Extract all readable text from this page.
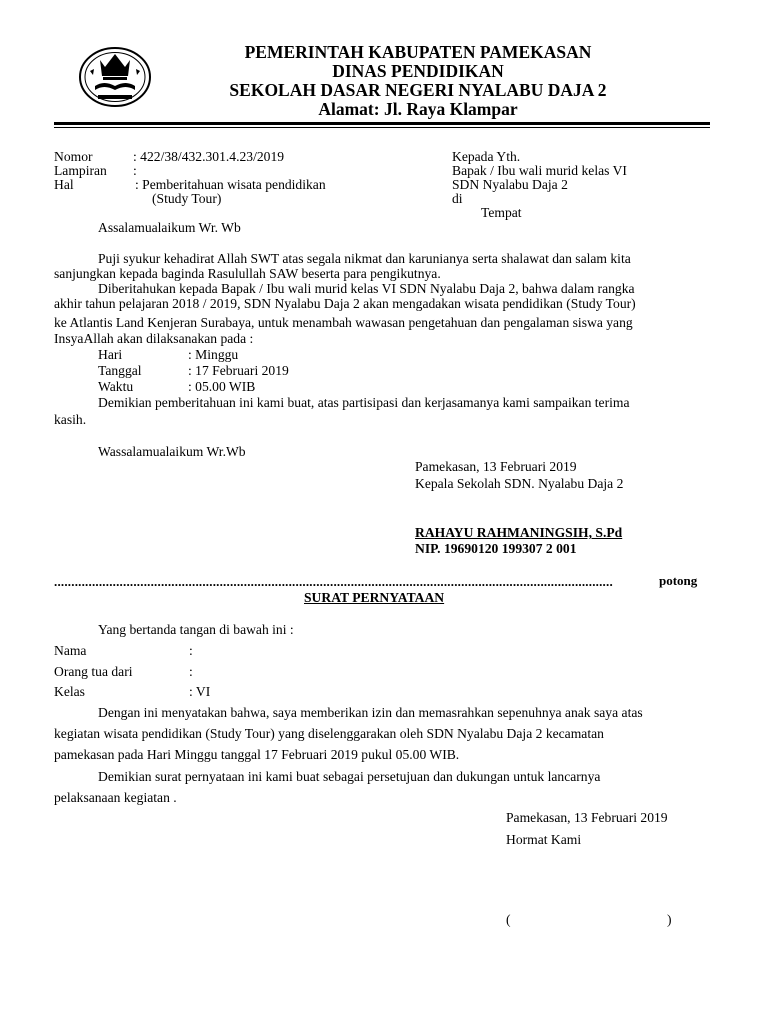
PEMERINTAH KABUPATEN PAMEKASAN
DINAS PENDIDIKAN
SEKOLAH DASAR NEGERI NYALABU DAJA 2
Alamat: Jl. Raya Klampar
Nomor	: 422/38/432.301.4.23/2019
Lampiran :
Hal	: Pemberitahuan wisata pendidikan
(Study Tour)
Kepada Yth.
Bapak / Ibu wali murid kelas VI
SDN Nyalabu Daja 2
di
Tempat
Assalamualaikum Wr. Wb
Puji syukur kehadirat Allah SWT atas segala nikmat dan karunianya serta shalawat dan salam kita
sanjungkan kepada baginda Rasulullah SAW beserta para pengikutnya.
Diberitahukan kepada Bapak / Ibu wali murid kelas VI SDN Nyalabu Daja 2, bahwa dalam rangka
akhir tahun pelajaran 2018 / 2019, SDN Nyalabu Daja 2 akan mengadakan wisata pendidikan (Study Tour)
ke Atlantis Land Kenjeran Surabaya, untuk menambah wawasan pengetahuan dan pengalaman siswa yang
InsyaAllah akan dilaksanakan pada :
Hari	: Minggu
Tanggal	: 17 Februari 2019
Waktu	: 05.00 WIB
Demikian pemberitahuan ini kami buat, atas partisipasi dan kerjasamanya kami sampaikan terima
kasih.
Wassalamualaikum Wr.Wb
Pamekasan, 13 Februari 2019
Kepala Sekolah SDN. Nyalabu Daja 2
RAHAYU RAHMANINGSIH, S.Pd
NIP. 19690120 199307 2 001
..................................................................................................................................................................	potong
SURAT PERNYATAAN
Yang bertanda tangan di bawah ini :
Nama	:
Orang tua dari	:
Kelas	: VI
Dengan ini menyatakan bahwa, saya memberikan izin dan memasrahkan sepenuhnya anak saya atas
kegiatan wisata pendidikan (Study Tour) yang diselenggarakan oleh SDN Nyalabu Daja 2 kecamatan
pamekasan pada Hari Minggu tanggal 17 Februari 2019 pukul 05.00 WIB.
Demikian surat pernyataan ini kami buat sebagai persetujuan dan dukungan untuk lancarnya
pelaksanaan kegiatan .
Pamekasan, 13 Februari 2019
Hormat Kami
(	)
